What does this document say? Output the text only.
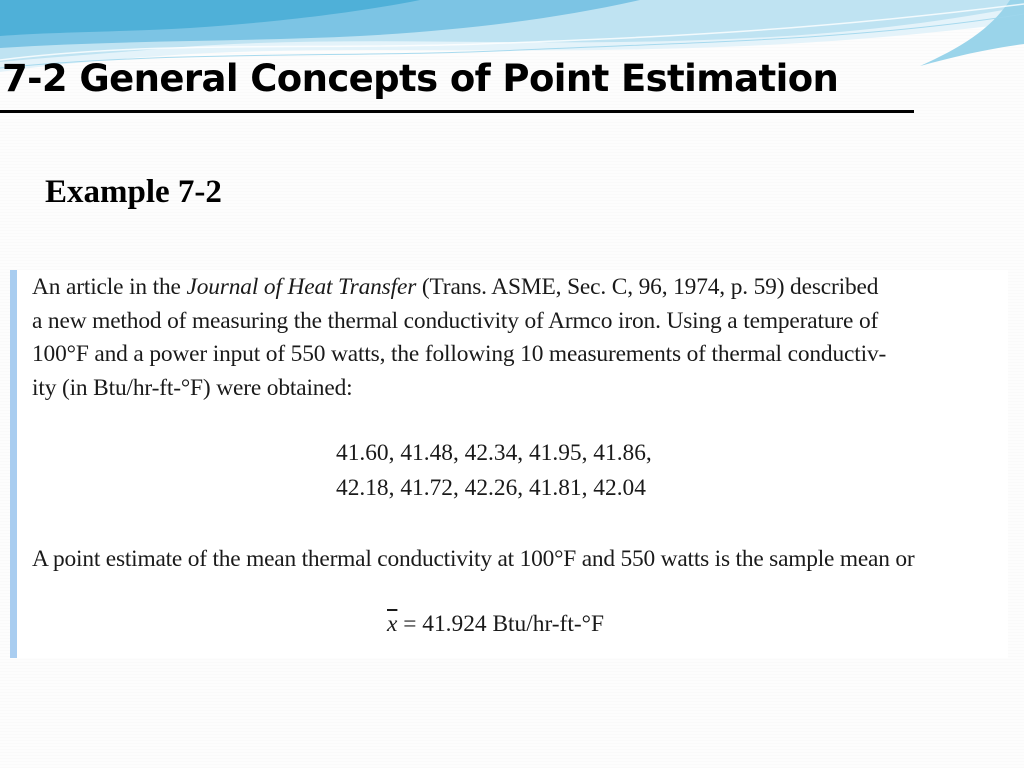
7-2 General Concepts of Point Estimation
Example 7-2
An article in the Journal of Heat Transfer (Trans. ASME, Sec. C, 96, 1974, p. 59) described
a new method of measuring the thermal conductivity of Armco iron. Using a temperature of
100°F and a power input of 550 watts, the following 10 measurements of thermal conductiv-
ity (in Btu/hr-ft-°F) were obtained:
41.60, 41.48, 42.34, 41.95, 41.86,
42.18, 41.72, 42.26, 41.81, 42.04
A point estimate of the mean thermal conductivity at 100°F and 550 watts is the sample mean or
$\overline{x} = 41.924$ Btu/hr-ft-°F
